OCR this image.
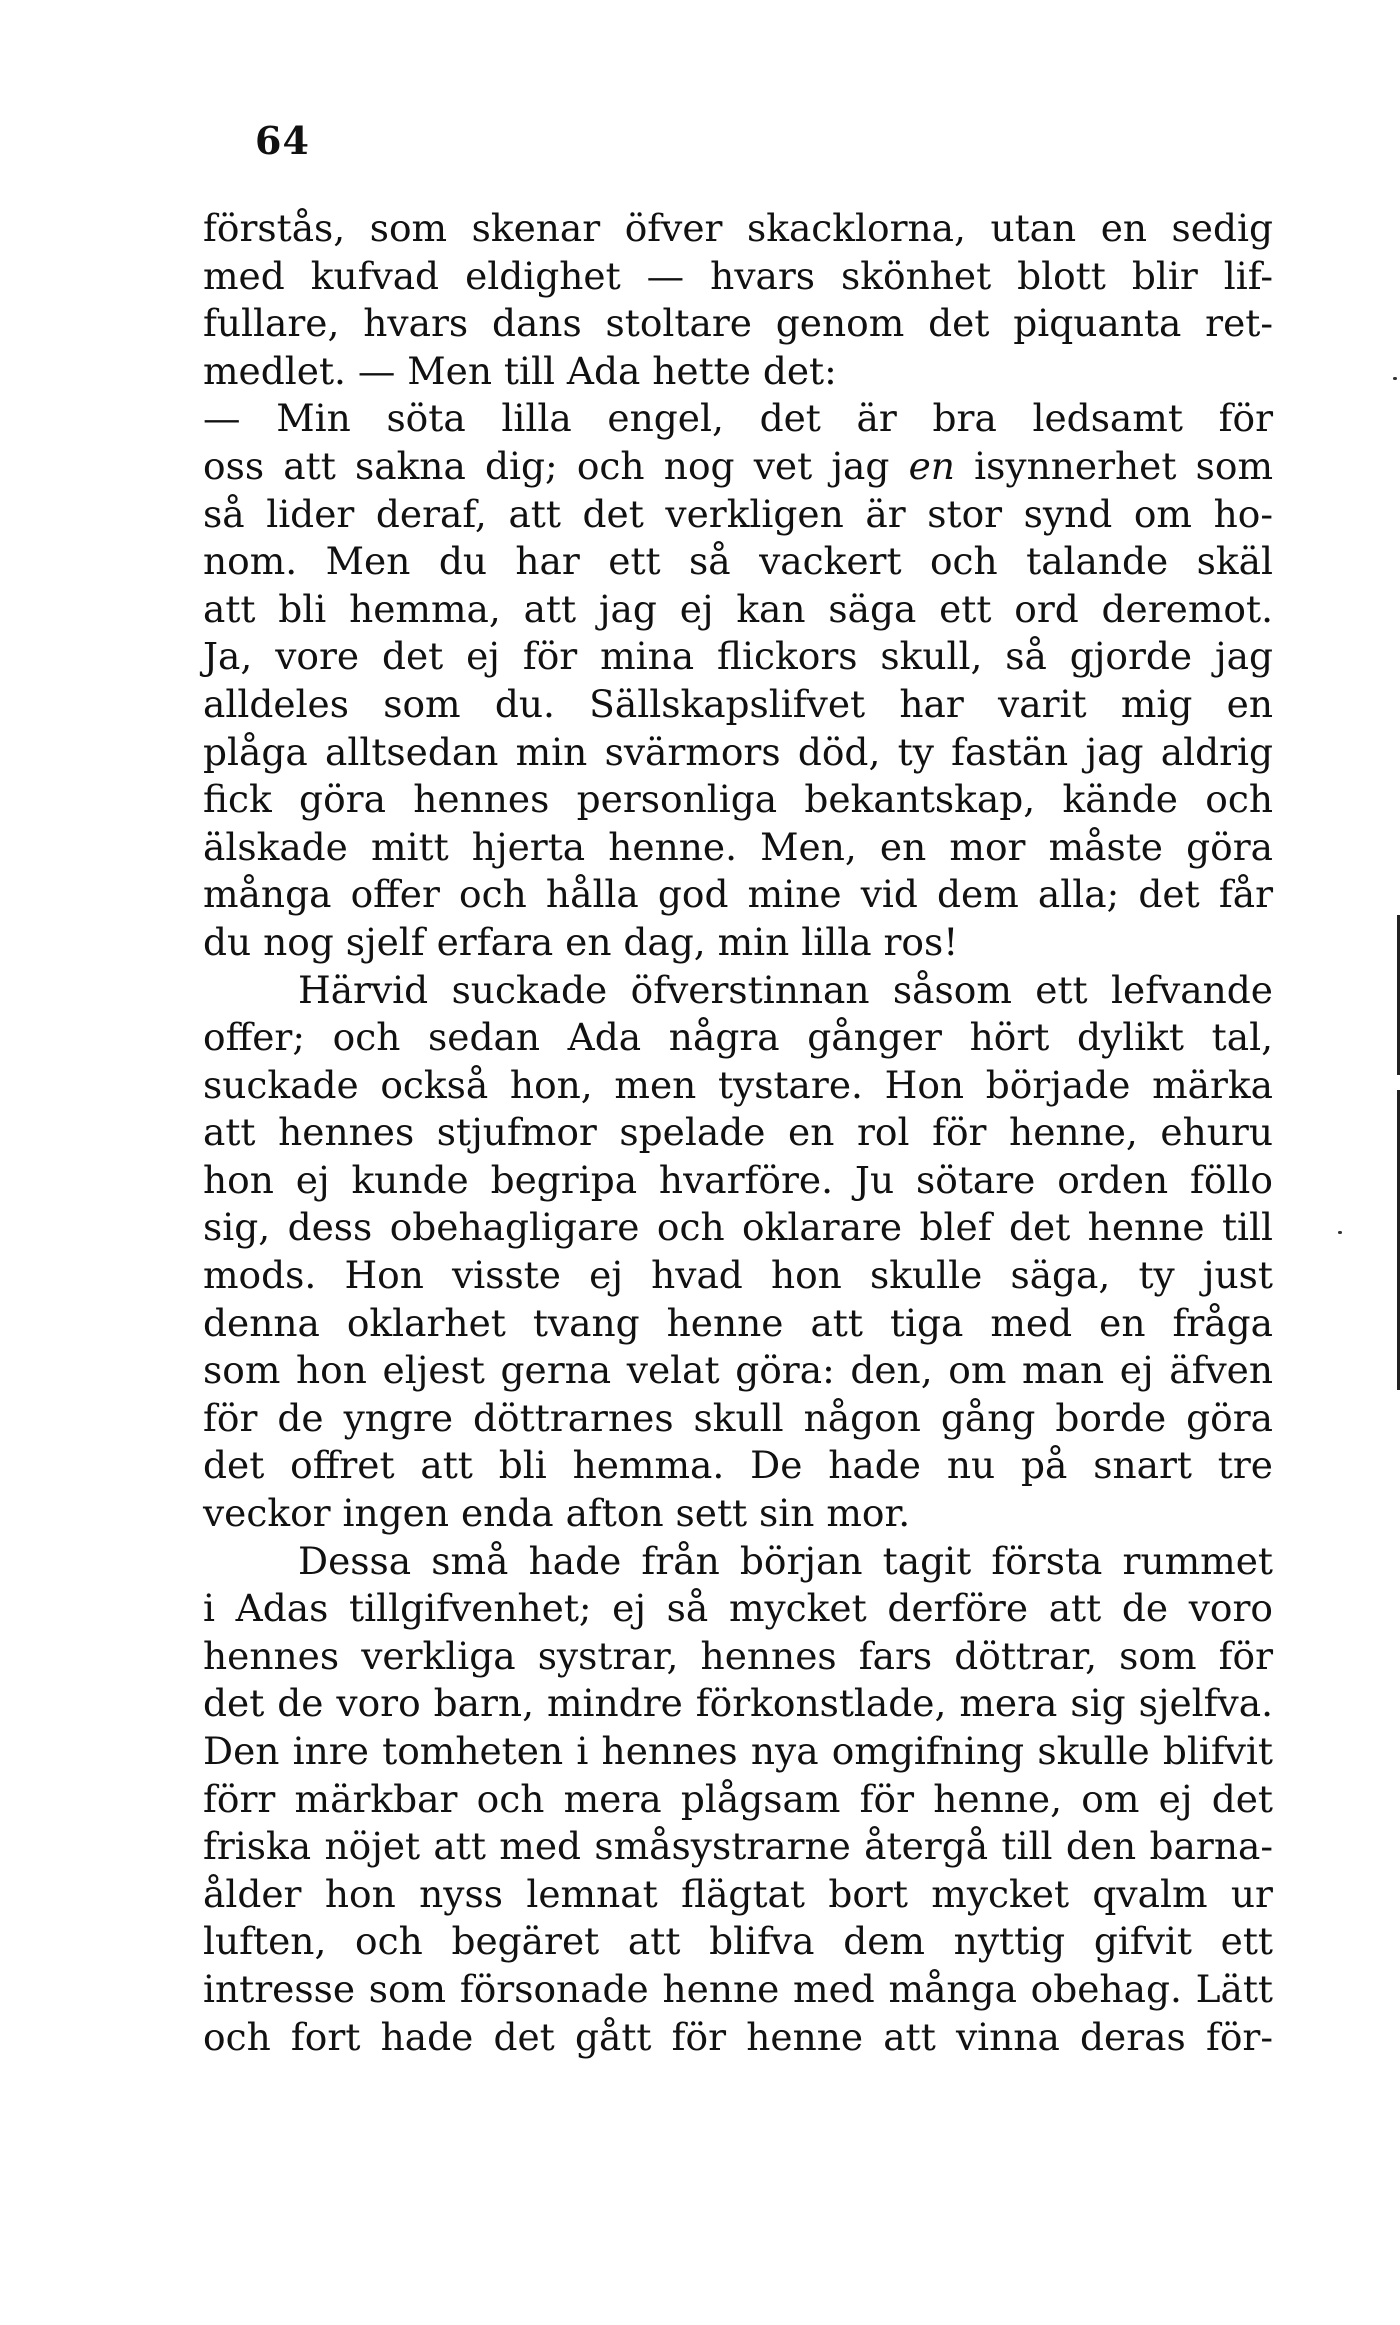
64
förstås, som skenar öfver skacklorna, utan en sedig
med kufvad eldighet — hvars skönhet blott blir lif-
fullare, hvars dans stoltare genom det piquanta ret-
medlet. — Men till Ada hette det:
— Min söta lilla engel, det är bra ledsamt för
oss att sakna dig; och nog vet jag en isynnerhet som
så lider deraf, att det verkligen är stor synd om ho-
nom. Men du har ett så vackert och talande skäl
att bli hemma, att jag ej kan säga ett ord deremot.
Ja, vore det ej för mina flickors skull, så gjorde jag
alldeles som du. Sällskapslifvet har varit mig en
plåga alltsedan min svärmors död, ty fastän jag aldrig
fick göra hennes personliga bekantskap, kände och
älskade mitt hjerta henne. Men, en mor måste göra
många offer och hålla god mine vid dem alla; det får
du nog sjelf erfara en dag, min lilla ros!
Härvid suckade öfverstinnan såsom ett lefvande
offer; och sedan Ada några gånger hört dylikt tal,
suckade också hon, men tystare. Hon började märka
att hennes stjufmor spelade en rol för henne, ehuru
hon ej kunde begripa hvarföre. Ju sötare orden föllo
sig, dess obehagligare och oklarare blef det henne till
mods. Hon visste ej hvad hon skulle säga, ty just
denna oklarhet tvang henne att tiga med en fråga
som hon eljest gerna velat göra: den, om man ej äfven
för de yngre döttrarnes skull någon gång borde göra
det offret att bli hemma. De hade nu på snart tre
veckor ingen enda afton sett sin mor.
Dessa små hade från början tagit första rummet
i Adas tillgifvenhet; ej så mycket derföre att de voro
hennes verkliga systrar, hennes fars döttrar, som för
det de voro barn, mindre förkonstlade, mera sig sjelfva.
Den inre tomheten i hennes nya omgifning skulle blifvit
förr märkbar och mera plågsam för henne, om ej det
friska nöjet att med småsystrarne återgå till den barna-
ålder hon nyss lemnat flägtat bort mycket qvalm ur
luften, och begäret att blifva dem nyttig gifvit ett
intresse som försonade henne med många obehag. Lätt
och fort hade det gått för henne att vinna deras för-
